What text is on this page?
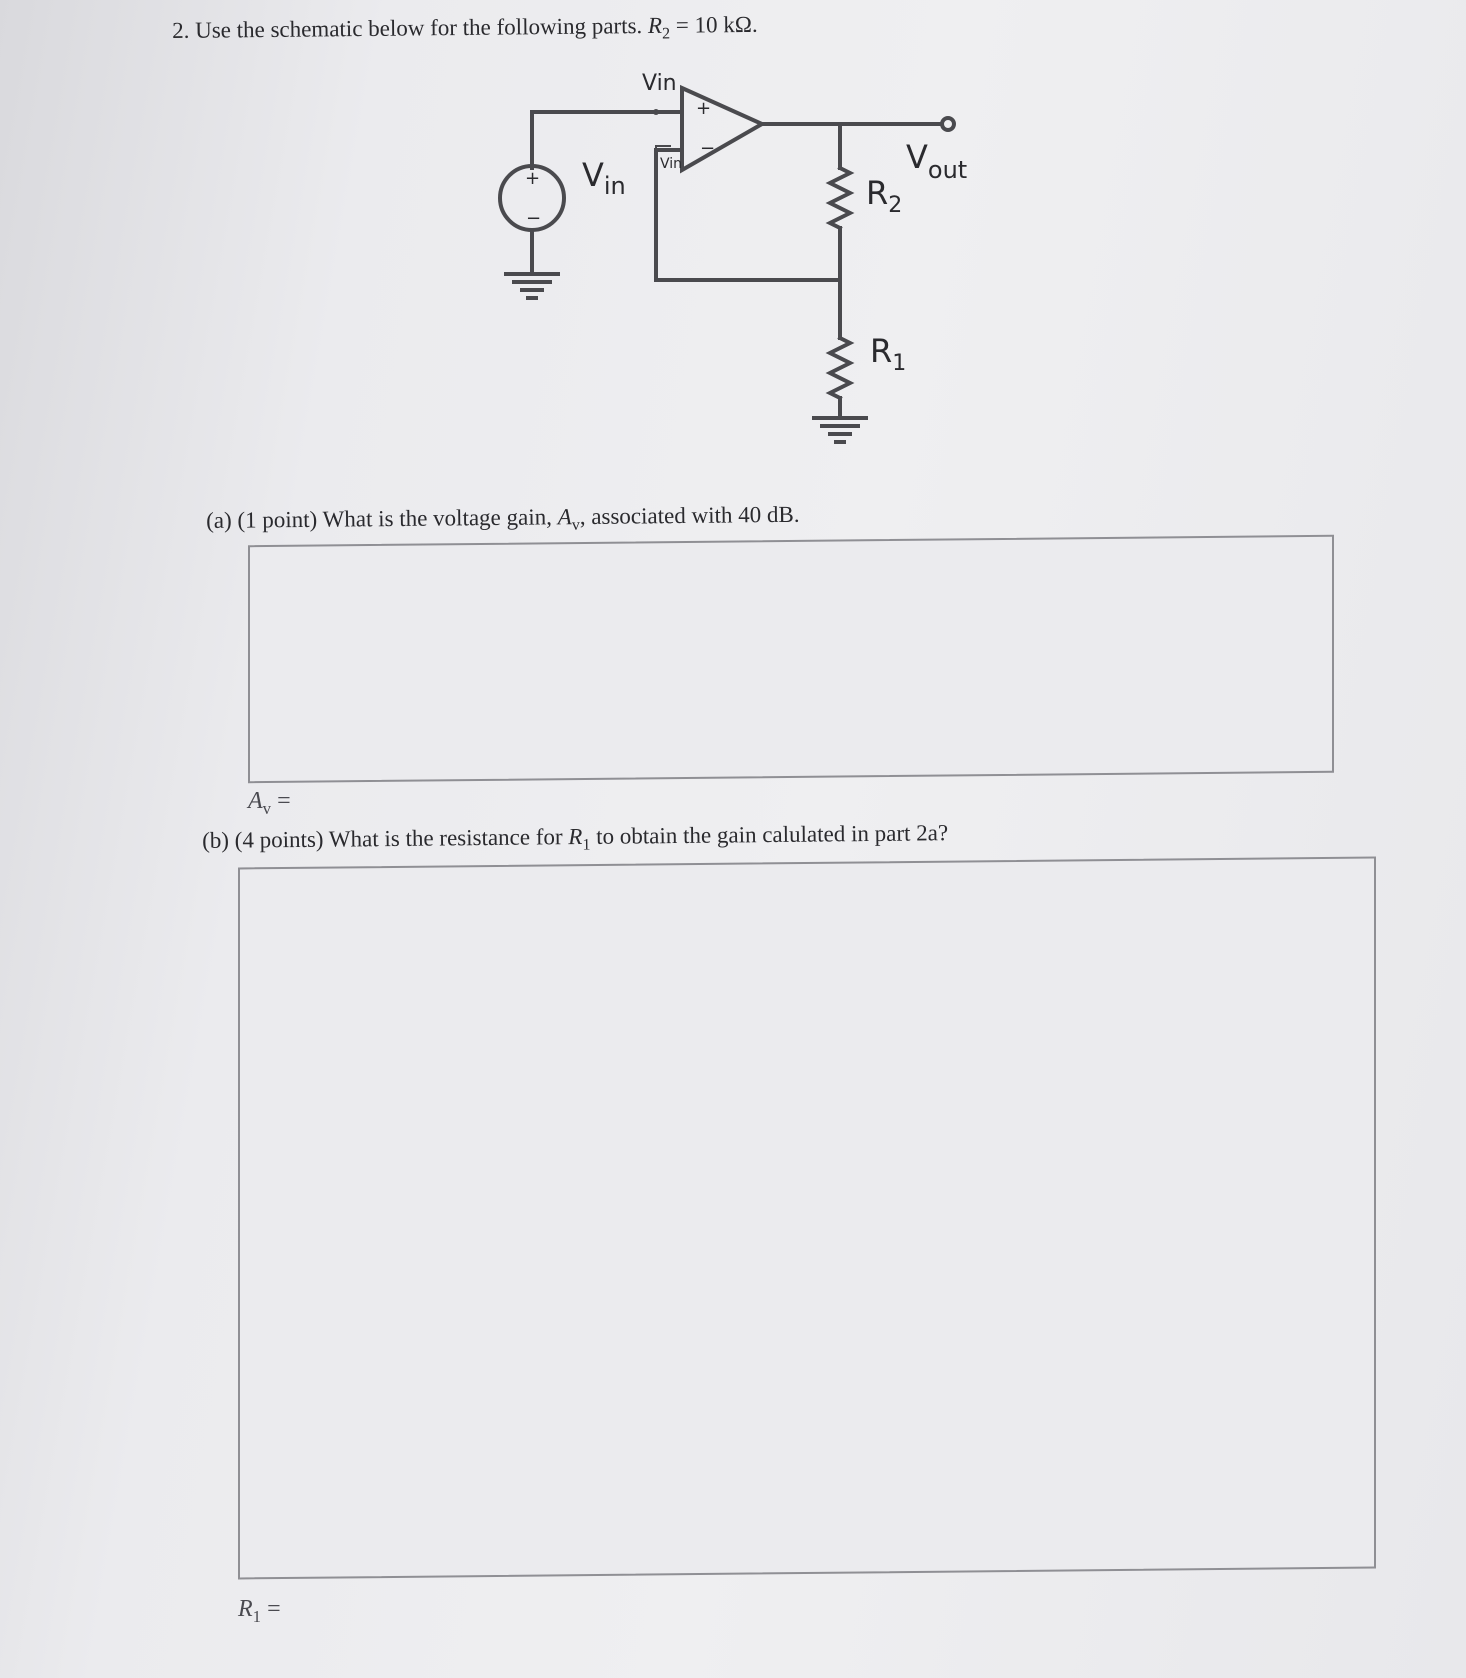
2. Use the schematic below for the following parts. $R_2 = 10$ kΩ.
Vin
Vin
+
−
+
−
$V_{in}$
$V_{out}$
$R_2$
$R_1$
(a) (1 point) What is the voltage gain, $A_v$, associated with 40 dB.
$A_v$ =
(b) (4 points) What is the resistance for $R_1$ to obtain the gain calulated in part 2a?
$R_1$ =
